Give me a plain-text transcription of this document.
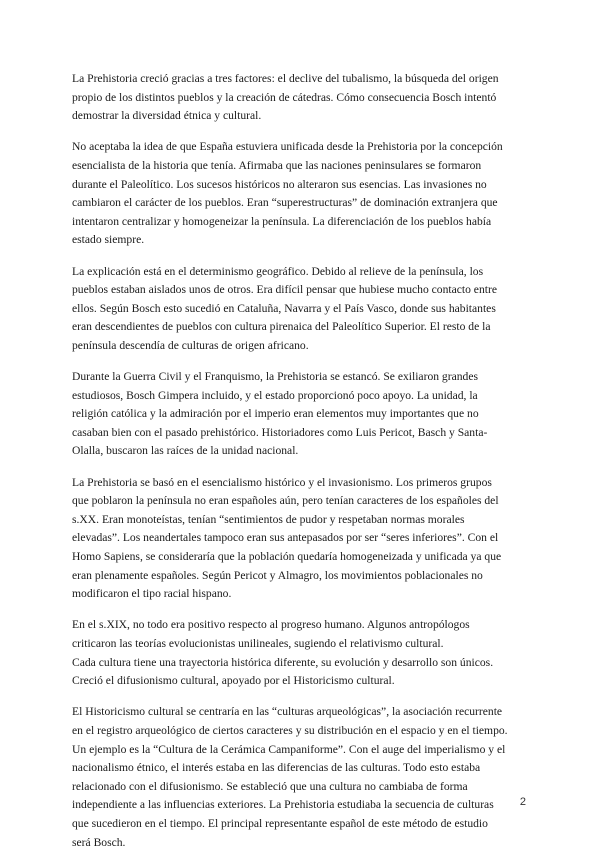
La Prehistoria creció gracias a tres factores: el declive del tubalismo, la búsqueda del origen
propio de los distintos pueblos y la creación de cátedras. Cómo consecuencia Bosch intentó
demostrar la diversidad étnica y cultural.

No aceptaba la idea de que España estuviera unificada desde la Prehistoria por la concepción
esencialista de la historia que tenía. Afirmaba que las naciones peninsulares se formaron
durante el Paleolítico. Los sucesos históricos no alteraron sus esencias. Las invasiones no
cambiaron el carácter de los pueblos. Eran “superestructuras” de dominación extranjera que
intentaron centralizar y homogeneizar la península. La diferenciación de los pueblos había
estado siempre.

La explicación está en el determinismo geográfico. Debido al relieve de la península, los
pueblos estaban aislados unos de otros. Era difícil pensar que hubiese mucho contacto entre
ellos. Según Bosch esto sucedió en Cataluña, Navarra y el País Vasco, donde sus habitantes
eran descendientes de pueblos con cultura pirenaica del Paleolítico Superior. El resto de la
península descendía de culturas de origen africano.

Durante la Guerra Civil y el Franquismo, la Prehistoria se estancó. Se exiliaron grandes
estudiosos, Bosch Gimpera incluido, y el estado proporcionó poco apoyo. La unidad, la
religión católica y la admiración por el imperio eran elementos muy importantes que no
casaban bien con el pasado prehistórico. Historiadores como Luis Pericot, Basch y Santa-
Olalla, buscaron las raíces de la unidad nacional.

La Prehistoria se basó en el esencialismo histórico y el invasionismo. Los primeros grupos
que poblaron la península no eran españoles aún, pero tenían caracteres de los españoles del
s.XX. Eran monoteístas, tenían “sentimientos de pudor y respetaban normas morales
elevadas”. Los neandertales tampoco eran sus antepasados por ser “seres inferiores”. Con el
Homo Sapiens, se consideraría que la población quedaría homogeneizada y unificada ya que
eran plenamente españoles. Según Pericot y Almagro, los movimientos poblacionales no
modificaron el tipo racial hispano.

En el s.XIX, no todo era positivo respecto al progreso humano. Algunos antropólogos
criticaron las teorías evolucionistas unilineales, sugiendo el relativismo cultural.
Cada cultura tiene una trayectoria histórica diferente, su evolución y desarrollo son únicos.
Creció el difusionismo cultural, apoyado por el Historicismo cultural.

El Historicismo cultural se centraría en las “culturas arqueológicas”, la asociación recurrente
en el registro arqueológico de ciertos caracteres y su distribución en el espacio y en el tiempo.
Un ejemplo es la “Cultura de la Cerámica Campaniforme”. Con el auge del imperialismo y el
nacionalismo étnico, el interés estaba en las diferencias de las culturas. Todo esto estaba
relacionado con el difusionismo. Se estableció que una cultura no cambiaba de forma
independiente a las influencias exteriores. La Prehistoria estudiaba la secuencia de culturas
que sucedieron en el tiempo. El principal representante español de este método de estudio
será Bosch.

2
